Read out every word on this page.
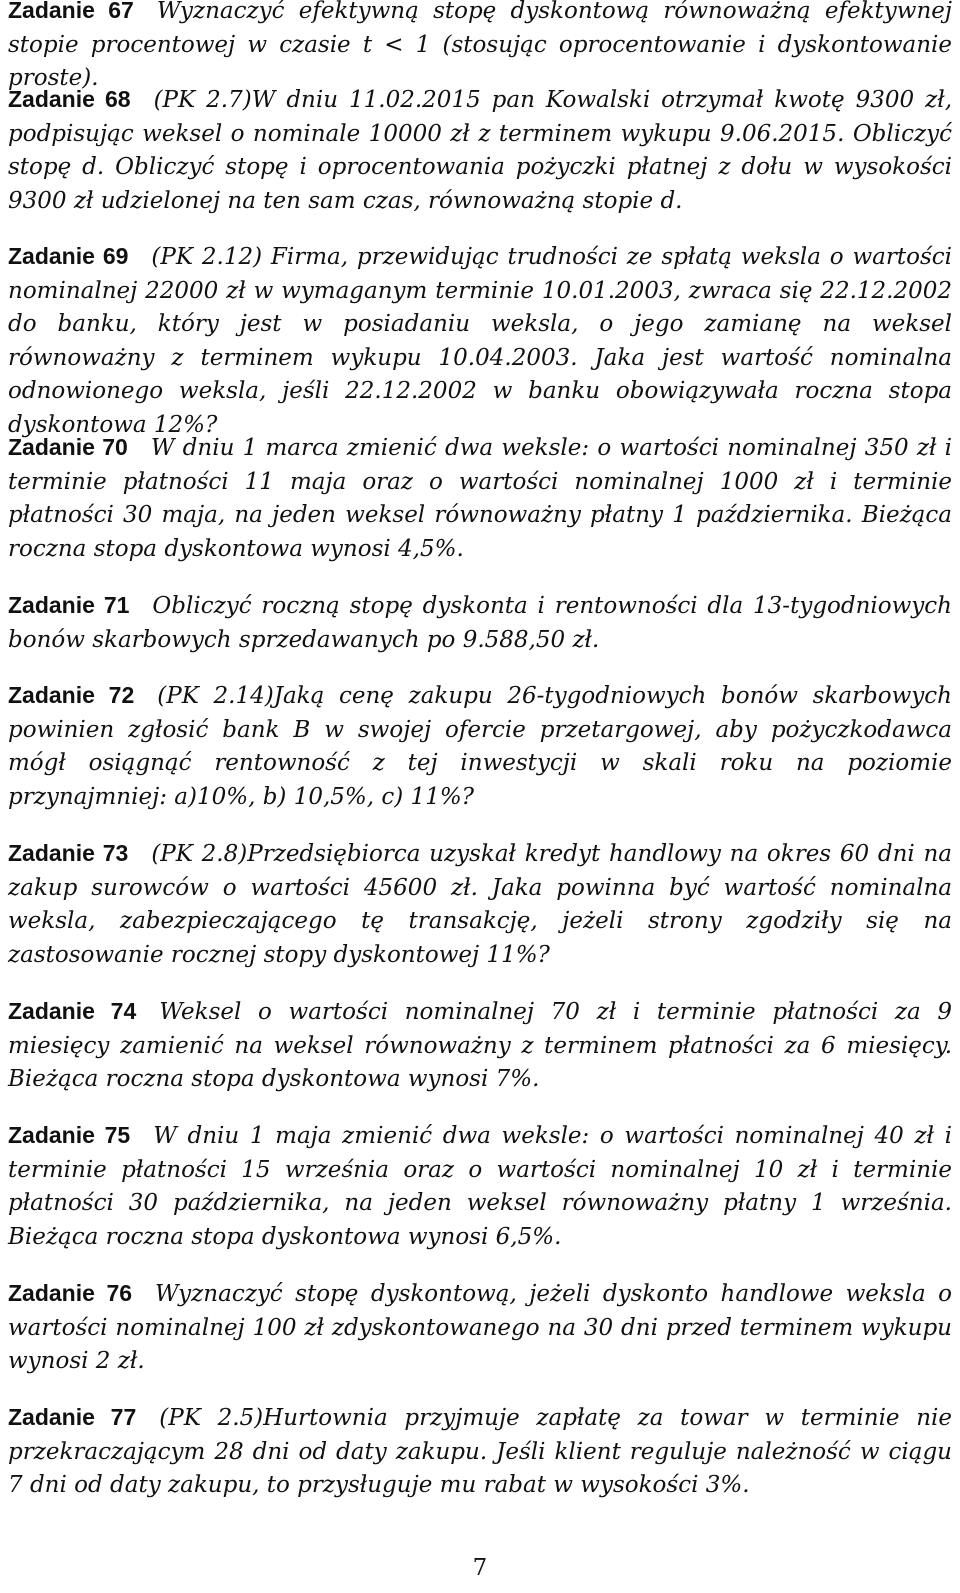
Zadanie 67  Wyznaczyć efektywną stopę dyskontową równoważną efektywnej stopie procentowej w czasie t < 1 (stosując oprocentowanie i dyskontowanie proste).

Zadanie 68  (PK 2.7)W dniu 11.02.2015 pan Kowalski otrzymał kwotę 9300 zł, podpisując weksel o nominale 10000 zł z terminem wykupu 9.06.2015. Obliczyć stopę d. Obliczyć stopę i oprocentowania pożyczki płatnej z dołu w wysokości 9300 zł udzielonej na ten sam czas, równoważną stopie d.

Zadanie 69  (PK 2.12) Firma, przewidując trudności ze spłatą weksla o wartości nominalnej 22000 zł w wymaganym terminie 10.01.2003, zwraca się 22.12.2002 do banku, który jest w posiadaniu weksla, o jego zamianę na weksel równoważny z terminem wykupu 10.04.2003. Jaka jest wartość nominalna odnowionego weksla, jeśli 22.12.2002 w banku obowiązywała roczna stopa dyskontowa 12%?

Zadanie 70  W dniu 1 marca zmienić dwa weksle: o wartości nominalnej 350 zł i terminie płatności 11 maja oraz o wartości nominalnej 1000 zł i terminie płatności 30 maja, na jeden weksel równoważny płatny 1 października. Bieżąca roczna stopa dyskontowa wynosi 4,5%.

Zadanie 71  Obliczyć roczną stopę dyskonta i rentowności dla 13-tygodniowych bonów skarbowych sprzedawanych po 9.588,50 zł.

Zadanie 72  (PK 2.14)Jaką cenę zakupu 26-tygodniowych bonów skarbowych powinien zgłosić bank B w swojej ofercie przetargowej, aby pożyczkodawca mógł osiągnąć rentowność z tej inwestycji w skali roku na poziomie przynajmniej: a)10%, b) 10,5%, c) 11%?

Zadanie 73  (PK 2.8)Przedsiębiorca uzyskał kredyt handlowy na okres 60 dni na zakup surowców o wartości 45600 zł. Jaka powinna być wartość nominalna weksla, zabezpieczającego tę transakcję, jeżeli strony zgodziły się na zastosowanie rocznej stopy dyskontowej 11%?

Zadanie 74  Weksel o wartości nominalnej 70 zł i terminie płatności za 9 miesięcy zamienić na weksel równoważny z terminem płatności za 6 miesięcy. Bieżąca roczna stopa dyskontowa wynosi 7%.

Zadanie 75  W dniu 1 maja zmienić dwa weksle: o wartości nominalnej 40 zł i terminie płatności 15 września oraz o wartości nominalnej 10 zł i terminie płatności 30 października, na jeden weksel równoważny płatny 1 września. Bieżąca roczna stopa dyskontowa wynosi 6,5%.

Zadanie 76  Wyznaczyć stopę dyskontową, jeżeli dyskonto handlowe weksla o wartości nominalnej 100 zł zdyskontowanego na 30 dni przed terminem wykupu wynosi 2 zł.

Zadanie 77  (PK 2.5)Hurtownia przyjmuje zapłatę za towar w terminie nie przekraczającym 28 dni od daty zakupu. Jeśli klient reguluje należność w ciągu 7 dni od daty zakupu, to przysługuje mu rabat w wysokości 3%.

7
